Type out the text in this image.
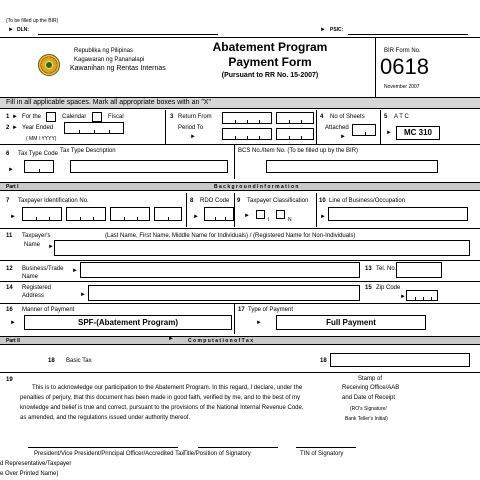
(To be filled up the BIR)
► DLN:	► PSIC:
Republika ng Pilipinas
Kagawaran ng Pananalapi
Kawanihan ng Rentas Internas
Abatement Program
Payment Form
(Pursuant to RR No. 15-2007)
BIR Form No.
0618
November 2007
Fill in all applicable spaces. Mark all appropriate boxes with an "X"
1 ► For the	Calendar	Fiscal
2 ► Year Ended
( MM / YYYY)
3 Return From
Period To
►
4 No of Sheets
Attached
►
5 A T C
►	MC 310
6 Tax Type Code Tax Type Description
►
BCS No./Item No. (To be filled up by the BIR)
Part I	B a c k g r o u n d I n f o r m a t i o n
7 Taxpayer Identification No.
►
8 RDO Code
►
9 Taxpayer Classification
►
I	N
10 Line of Business/Occupation
►
11 Taxpayer's
Name
(Last Name, First Name, Middle Name for Individuals) / (Registered Name for Non-Individuals)
►
12 Business/Trade
Name
►	13 Tel. No.
14 Registered
Address	►
15 Zip Code
►
16 Manner of Payment
►	SPF-(Abatement Program)
17 Type of Payment
►	Full Payment
Part II	►	C o m p u t a t i o n o f T a x
18 Basic Tax	18
19
This is to acknowledge our participation to the Abatement Program. In this regard, I declare, under the
penalties of perjury, that this document has been made in good faith, verified by me, and to the best of my
knowledge and belief is true and correct, pursuant to the provisions of the National Internal Revenue Code,
as amended, and the regulations issued under authority thereof.
Stamp of
Receiving Office/AAB
and Date of Receipt
(RO's Signature/
Bank Teller's Initial)
President/Vice President/Principal Officer/Accredited Tax
Title/Position of Signatory	TIN of Signatory
d Representative/Taxpayer
e Over Printed Name)
